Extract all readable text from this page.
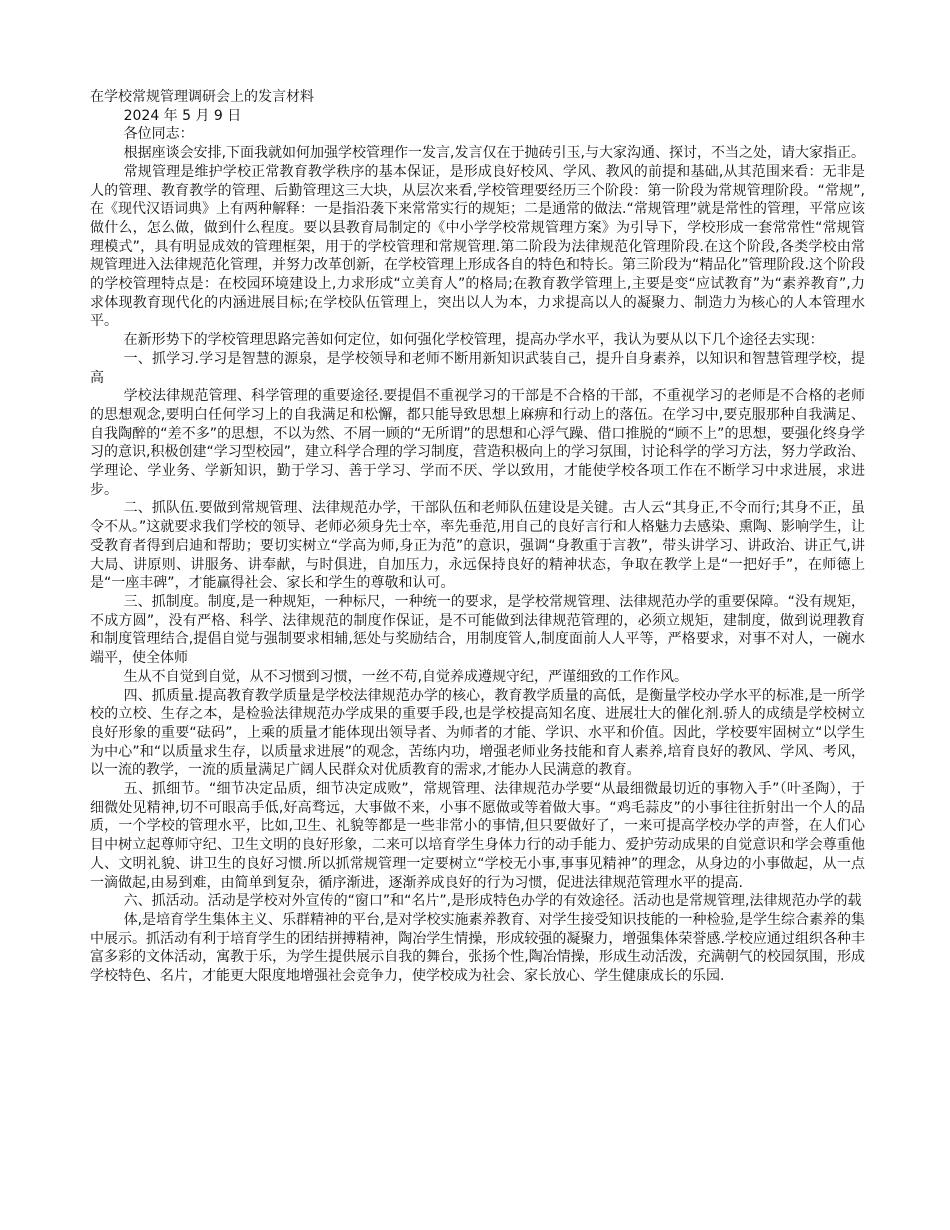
在学校常规管理调研会上的发言材料

2024 年 5 月 9 日

各位同志：

根据座谈会安排,下面我就如何加强学校管理作一发言,发言仅在于抛砖引玉,与大家沟通、探讨，不当之处，请大家指正。

常规管理是维护学校正常教育教学秩序的基本保证，是形成良好校风、学风、教风的前提和基础,从其范围来看：无非是人的管理、教育教学的管理、后勤管理这三大块，从层次来看,学校管理要经历三个阶段：第一阶段为常规管理阶段。“常规”,在《现代汉语词典》上有两种解释：一是指沿袭下来常常实行的规矩；二是通常的做法.“常规管理”就是常性的管理，平常应该做什么，怎么做，做到什么程度。要以县教育局制定的《中小学学校常规管理方案》为引导下，学校形成一套常常性“常规管理模式”，具有明显成效的管理框架，用于的学校管理和常规管理.第二阶段为法律规范化管理阶段.在这个阶段,各类学校由常规管理进入法律规范化管理，并努力改革创新，在学校管理上形成各自的特色和特长。第三阶段为“精品化”管理阶段.这个阶段的学校管理特点是：在校园环境建设上,力求形成“立美育人”的格局;在教育教学管理上,主要是变“应试教育”为“素养教育”,力求体现教育现代化的内涵进展目标;在学校队伍管理上，突出以人为本，力求提高以人的凝聚力、制造力为核心的人本管理水平。

在新形势下的学校管理思路完善如何定位，如何强化学校管理，提高办学水平，我认为要从以下几个途径去实现：

一、抓学习.学习是智慧的源泉，是学校领导和老师不断用新知识武装自己，提升自身素养，以知识和智慧管理学校，提高

学校法律规范管理、科学管理的重要途径.要提倡不重视学习的干部是不合格的干部，不重视学习的老师是不合格的老师的思想观念,要明白任何学习上的自我满足和松懈，都只能导致思想上麻痹和行动上的落伍。在学习中,要克服那种自我满足、自我陶醉的“差不多”的思想，不以为然、不屑一顾的“无所谓”的思想和心浮气躁、借口推脱的“顾不上”的思想，要强化终身学习的意识,积极创建“学习型校园”，建立科学合理的学习制度，营造积极向上的学习氛围，讨论科学的学习方法，努力学政治、学理论、学业务、学新知识，勤于学习、善于学习、学而不厌、学以致用，才能使学校各项工作在不断学习中求进展，求进步。

二、抓队伍.要做到常规管理、法律规范办学，干部队伍和老师队伍建设是关键。古人云“其身正,不令而行;其身不正，虽令不从。”这就要求我们学校的领导、老师必须身先士卒，率先垂范,用自己的良好言行和人格魅力去感染、熏陶、影响学生，让受教育者得到启迪和帮助；要切实树立“学高为师,身正为范”的意识，强调“身教重于言教”，带头讲学习、讲政治、讲正气,讲大局、讲原则、讲服务、讲奉献，与时俱进，自加压力，永远保持良好的精神状态，争取在教学上是“一把好手”，在师德上是“一座丰碑”，才能赢得社会、家长和学生的尊敬和认可。

三、抓制度。制度,是一种规矩，一种标尺，一种统一的要求，是学校常规管理、法律规范办学的重要保障。“没有规矩，不成方圆”，没有严格、科学、法律规范的制度作保证，是不可能做到法律规范管理的，必须立规矩，建制度，做到说理教育和制度管理结合,提倡自觉与强制要求相辅,惩处与奖励结合，用制度管人,制度面前人人平等，严格要求，对事不对人，一碗水端平，使全体师

生从不自觉到自觉，从不习惯到习惯，一丝不苟,自觉养成遵规守纪，严谨细致的工作作风。

四、抓质量.提高教育教学质量是学校法律规范办学的核心，教育教学质量的高低，是衡量学校办学水平的标准,是一所学校的立校、生存之本，是检验法律规范办学成果的重要手段,也是学校提高知名度、进展壮大的催化剂.骄人的成绩是学校树立良好形象的重要“砝码”，上乘的质量才能体现出领导者、为师者的才能、学识、水平和价值。因此，学校要牢固树立“以学生为中心”和“以质量求生存，以质量求进展”的观念，苦练内功，增强老师业务技能和育人素养,培育良好的教风、学风、考风，以一流的教学，一流的质量满足广阔人民群众对优质教育的需求,才能办人民满意的教育。

五、抓细节。“细节决定品质，细节决定成败”，常规管理、法律规范办学要“从最细微最切近的事物入手”（叶圣陶），于细微处见精神,切不可眼高手低,好高骛远，大事做不来，小事不愿做或等着做大事。“鸡毛蒜皮”的小事往往折射出一个人的品质，一个学校的管理水平，比如,卫生、礼貌等都是一些非常小的事情,但只要做好了，一来可提高学校办学的声誉，在人们心目中树立起尊师守纪、卫生文明的良好形象，二来可以培育学生身体力行的动手能力、爱护劳动成果的自觉意识和学会尊重他人、文明礼貌、讲卫生的良好习惯.所以抓常规管理一定要树立“学校无小事,事事见精神”的理念，从身边的小事做起，从一点一滴做起,由易到难，由简单到复杂，循序渐进，逐渐养成良好的行为习惯，促进法律规范管理水平的提高.

六、抓活动。活动是学校对外宣传的“窗口”和“名片”,是形成特色办学的有效途径。活动也是常规管理,法律规范办学的载

体,是培育学生集体主义、乐群精神的平台,是对学校实施素养教育、对学生接受知识技能的一种检验,是学生综合素养的集中展示。抓活动有利于培育学生的团结拼搏精神，陶冶学生情操，形成较强的凝聚力，增强集体荣誉感.学校应通过组织各种丰富多彩的文体活动，寓教于乐，为学生提供展示自我的舞台，张扬个性,陶冶情操，形成生动活泼，充满朝气的校园氛围，形成学校特色、名片，才能更大限度地增强社会竞争力，使学校成为社会、家长放心、学生健康成长的乐园.
